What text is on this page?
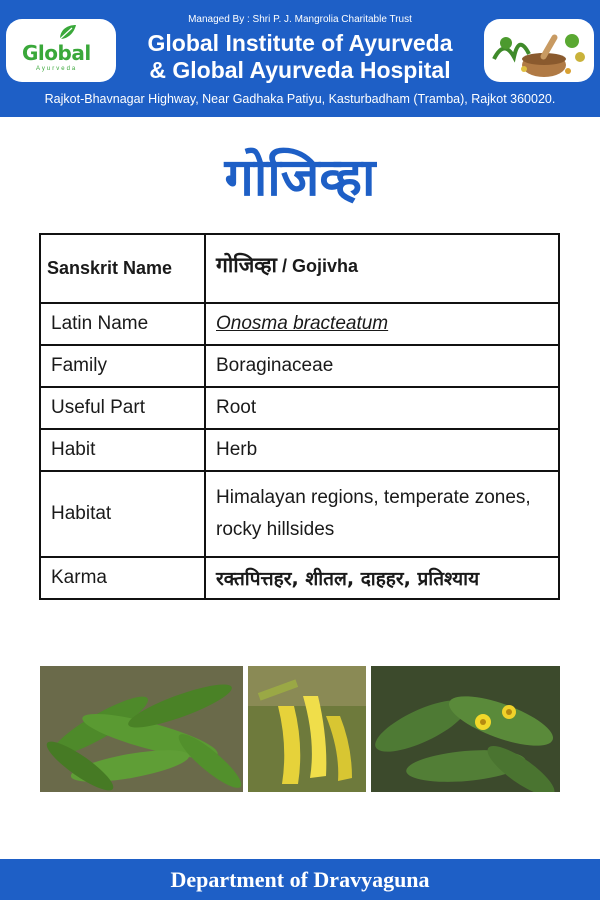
Global
Ayurveda
Managed By : Shri P. J. Mangrolia Charitable Trust
Global Institute of Ayurveda
& Global Ayurveda Hospital
Rajkot-Bhavnagar Highway, Near Gadhaka Patiyu, Kasturbadham (Tramba), Rajkot 360020.
गोजिव्हा
Sanskrit Name	गोजिव्हा / Gojivha
Latin Name	Onosma bracteatum
Family	Boraginaceae
Useful Part	Root
Habit	Herb
Habitat	Himalayan regions, temperate zones,
rocky hillsides

Karma	रक्तपित्तहर, शीतल, दाहहर, प्रतिश्याय
Department of Dravyaguna
